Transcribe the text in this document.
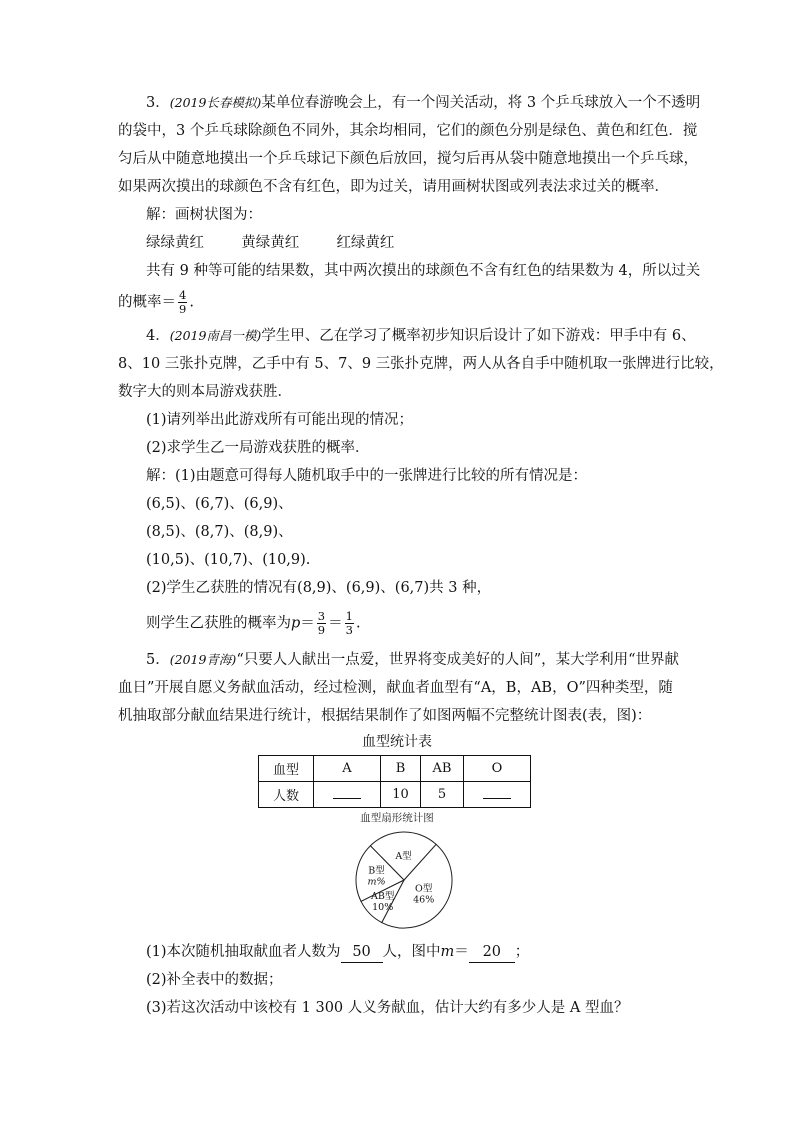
3．(2019长春模拟)某单位春游晚会上，有一个闯关活动，将 3 个乒乓球放入一个不透明
的袋中，3 个乒乓球除颜色不同外，其余均相同，它们的颜色分别是绿色、黄色和红色．搅
匀后从中随意地摸出一个乒乓球记下颜色后放回，搅匀后再从袋中随意地摸出一个乒乓球，
如果两次摸出的球颜色不含有红色，即为过关，请用画树状图或列表法求过关的概率．
解：画树状图为：
绿绿黄红	黄绿黄红	红绿黄红
共有 9 种等可能的结果数，其中两次摸出的球颜色不含有红色的结果数为 4，所以过关
的概率＝ $\frac{4}{9}$ .
4．(2019南昌一模)学生甲、乙在学习了概率初步知识后设计了如下游戏：甲手中有 6、
8、10 三张扑克牌，乙手中有 5、7、9 三张扑克牌，两人从各自手中随机取一张牌进行比较，
数字大的则本局游戏获胜．
(1)请列举出此游戏所有可能出现的情况；
(2)求学生乙一局游戏获胜的概率．
解：(1)由题意可得每人随机取手中的一张牌进行比较的所有情况是：
(6,5)、(6,7)、(6,9)、
(8,5)、(8,7)、(8,9)、
(10,5)、(10,7)、(10,9).
(2)学生乙获胜的情况有(8,9)、(6,9)、(6,7)共 3 种，
则学生乙获胜的概率为$p= \frac{3}{9} = \frac{1}{3}$ .
5．(2019青海)“只要人人献出一点爱，世界将变成美好的人间”，某大学利用“世界献
血日”开展自愿义务献血活动，经过检测，献血者血型有“A，B，AB，O”四种类型，随
机抽取部分献血结果进行统计，根据结果制作了如图两幅不完整统计图表(表，图)：
血型统计表
血型	A	B	AB	O
人数		10	5	
血型扇形统计图
O型
46%
AB型
10%
B型
m%
A型
(1)本次随机抽取献血者人数为 50 人，图中m＝ 20 ；
(2)补全表中的数据；
(3)若这次活动中该校有 1 300 人义务献血，估计大约有多少人是 A 型血？
